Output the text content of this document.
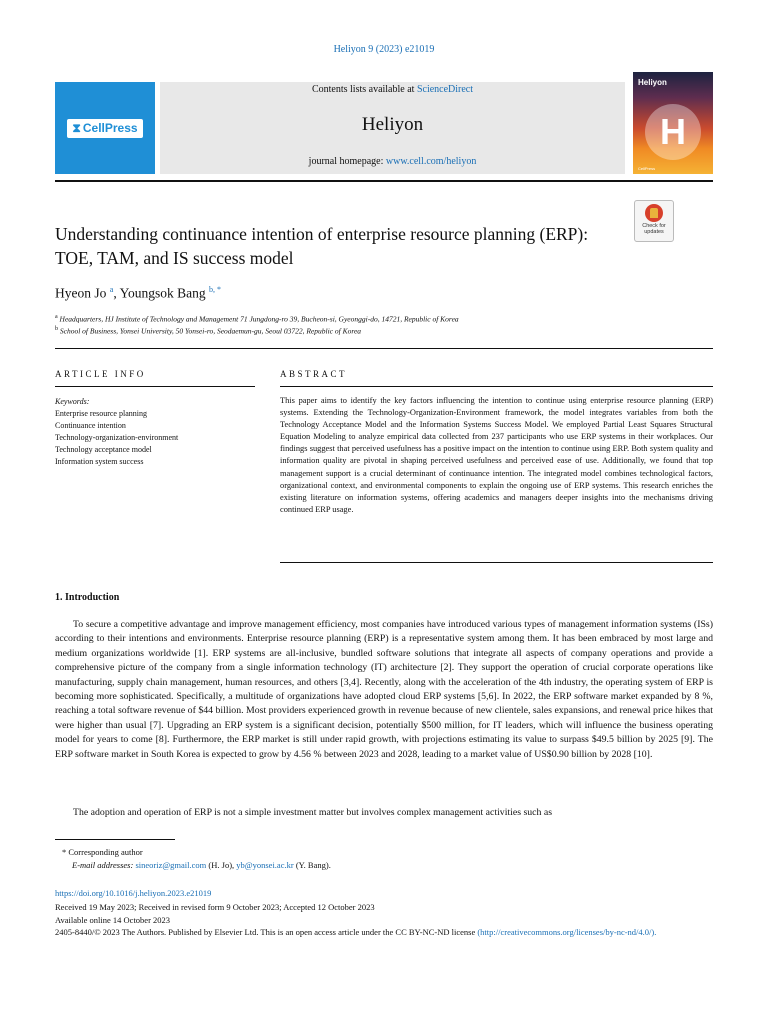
Heliyon 9 (2023) e21019
⧗ CellPress
Contents lists available at ScienceDirect
Heliyon
journal homepage: www.cell.com/heliyon
Heliyon
H
CellPress
Check for updates
Understanding continuance intention of enterprise resource planning (ERP): TOE, TAM, and IS success model
Hyeon Jo $^a$, Youngsok Bang $^{b, *}$
$^a$ Headquarters, HJ Institute of Technology and Management 71 Jungdong-ro 39, Bucheon-si, Gyeonggi-do, 14721, Republic of Korea
$^b$ School of Business, Yonsei University, 50 Yonsei-ro, Seodaemun-gu, Seoul 03722, Republic of Korea
ARTICLE INFO	ABSTRACT
Keywords:
Enterprise resource planning
Continuance intention
Technology-organization-environment
Technology acceptance model
Information system success
This paper aims to identify the key factors influencing the intention to continue using enterprise resource planning (ERP) systems. Extending the Technology-Organization-Environment framework, the model integrates variables from both the Technology Acceptance Model and the Information Systems Success Model. We employed Partial Least Squares Structural Equation Modeling to analyze empirical data collected from 237 participants who use ERP systems in their workplaces. Our findings suggest that perceived usefulness has a positive impact on the intention to continue using ERP. Both system quality and information quality are pivotal in shaping perceived usefulness and perceived ease of use. Additionally, we found that top management support is a crucial determinant of continuance intention. The integrated model combines technological factors, organizational context, and environmental components to explain the ongoing use of ERP systems. This research enriches the existing literature on information systems, offering academics and managers deeper insights into the mechanisms driving continued ERP usage.
1. Introduction
To secure a competitive advantage and improve management efficiency, most companies have introduced various types of management information systems (ISs) according to their intentions and environments. Enterprise resource planning (ERP) is a representative system among them. It has been embraced by most large and medium organizations worldwide [1]. ERP systems are all-inclusive, bundled software solutions that integrate all aspects of company operations and provide a comprehensive picture of the company from a single information technology (IT) architecture [2]. They support the operation of crucial corporate operations like manufacturing, supply chain management, human resources, and others [3,4]. Recently, along with the acceleration of the 4th industry, the operating system of ERP is becoming more sophisticated. Specifically, a multitude of organizations have adopted cloud ERP systems [5,6]. In 2022, the ERP software market expanded by 8 %, reaching a total software revenue of $44 billion. Most providers experienced growth in revenue because of new clientele, sales expansions, and renewal price hikes that were higher than usual [7]. Upgrading an ERP system is a significant decision, potentially $500 million, for IT leaders, which will influence the business operating model for years to come [8]. Furthermore, the ERP market is still under rapid growth, with projections estimating its value to surpass $49.5 billion by 2025 [9]. The ERP software market in South Korea is expected to grow by 4.56 % between 2023 and 2028, leading to a market value of US$0.90 billion by 2028 [10].
The adoption and operation of ERP is not a simple investment matter but involves complex management activities such as
* Corresponding author
E-mail addresses: sineoriz@gmail.com (H. Jo), yb@yonsei.ac.kr (Y. Bang).
https://doi.org/10.1016/j.heliyon.2023.e21019
Received 19 May 2023; Received in revised form 9 October 2023; Accepted 12 October 2023
Available online 14 October 2023
2405-8440/© 2023 The Authors. Published by Elsevier Ltd. This is an open access article under the CC BY-NC-ND license (http://creativecommons.org/licenses/by-nc-nd/4.0/).
